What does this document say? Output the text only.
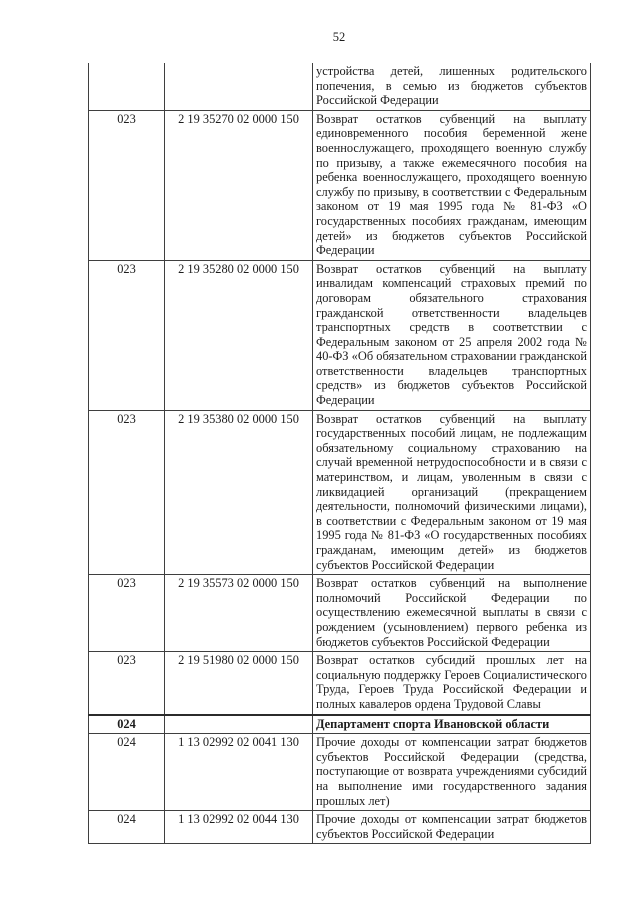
52
		устройства детей, лишенных родительского попечения, в семью из бюджетов субъектов Российской Федерации
023	2 19 35270 02 0000 150	Возврат остатков субвенций на выплату единовременного пособия беременной жене военнослужащего, проходящего военную службу по призыву, а также ежемесячного пособия на ребенка военнослужащего, проходящего военную службу по призыву, в соответствии с Федеральным законом от 19 мая 1995 года № 81-ФЗ «О государственных пособиях гражданам, имеющим детей» из бюджетов субъектов Российской Федерации
023	2 19 35280 02 0000 150	Возврат остатков субвенций на выплату инвалидам компенсаций страховых премий по договорам обязательного страхования гражданской ответственности владельцев транспортных средств в соответствии с Федеральным законом от 25 апреля 2002 года № 40-ФЗ «Об обязательном страховании гражданской ответственности владельцев транспортных средств» из бюджетов субъектов Российской Федерации
023	2 19 35380 02 0000 150	Возврат остатков субвенций на выплату государственных пособий лицам, не подлежащим обязательному социальному страхованию на случай временной нетрудоспособности и в связи с материнством, и лицам, уволенным в связи с ликвидацией организаций (прекращением деятельности, полномочий физическими лицами), в соответствии с Федеральным законом от 19 мая 1995 года № 81-ФЗ «О государственных пособиях гражданам, имеющим детей» из бюджетов субъектов Российской Федерации
023	2 19 35573 02 0000 150	Возврат остатков субвенций на выполнение полномочий Российской Федерации по осуществлению ежемесячной выплаты в связи с рождением (усыновлением) первого ребенка из бюджетов субъектов Российской Федерации
023	2 19 51980 02 0000 150	Возврат остатков субсидий прошлых лет на социальную поддержку Героев Социалистического Труда, Героев Труда Российской Федерации и полных кавалеров ордена Трудовой Славы
024		Департамент спорта Ивановской области
024	1 13 02992 02 0041 130	Прочие доходы от компенсации затрат бюджетов субъектов Российской Федерации (средства, поступающие от возврата учреждениями субсидий на выполнение ими государственного задания прошлых лет)
024	1 13 02992 02 0044 130	Прочие доходы от компенсации затрат бюджетов субъектов Российской Федерации
